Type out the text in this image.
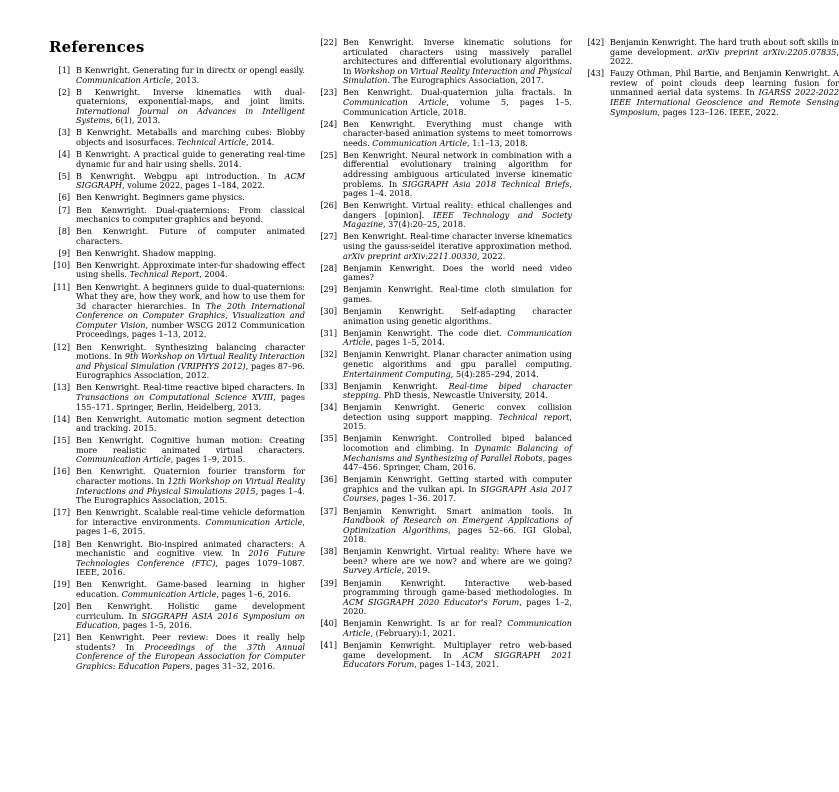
References
[1] B Kenwright. Generating fur in directx or opengl easily. Communication Article, 2013.
[2] B Kenwright. Inverse kinematics with dual-quaternions, exponential-maps, and joint limits. International Journal on Advances in Intelligent Systems, 6(1), 2013.
[3] B Kenwright. Metaballs and marching cubes: Blobby objects and isosurfaces. Technical Article, 2014.
[4] B Kenwright. A practical guide to generating real-time dynamic fur and hair using shells. 2014.
[5] B Kenwright. Webgpu api introduction. In ACM SIGGRAPH, volume 2022, pages 1–184, 2022.
[6] Ben Kenwright. Beginners game physics.
[7] Ben Kenwright. Dual-quaternions: From classical mechanics to computer graphics and beyond.
[8] Ben Kenwright. Future of computer animated characters.
[9] Ben Kenwright. Shadow mapping.
[10] Ben Kenwright. Approximate inter-fur shadowing effect using shells. Technical Report, 2004.
[11] Ben Kenwright. A beginners guide to dual-quaternions: What they are, how they work, and how to use them for 3d character hierarchies. In The 20th International Conference on Computer Graphics, Visualization and Computer Vision, number WSCG 2012 Communication Proceedings, pages 1–13, 2012.
[12] Ben Kenwright. Synthesizing balancing character motions. In 9th Workshop on Virtual Reality Interaction and Physical Simulation (VRIPHYS 2012), pages 87–96. Eurographics Association, 2012.
[13] Ben Kenwright. Real-time reactive biped characters. In Transactions on Computational Science XVIII, pages 155–171. Springer, Berlin, Heidelberg, 2013.
[14] Ben Kenwright. Automatic motion segment detection and tracking. 2015.
[15] Ben Kenwright. Cognitive human motion: Creating more realistic animated virtual characters. Communication Article, pages 1–9, 2015.
[16] Ben Kenwright. Quaternion fourier transform for character motions. In 12th Workshop on Virtual Reality Interactions and Physical Simulations 2015, pages 1–4. The Eurographics Association, 2015.
[17] Ben Kenwright. Scalable real-time vehicle deformation for interactive environments. Communication Article, pages 1–6, 2015.
[18] Ben Kenwright. Bio-inspired animated characters: A mechanistic and cognitive view. In 2016 Future Technologies Conference (FTC), pages 1079–1087. IEEE, 2016.
[19] Ben Kenwright. Game-based learning in higher education. Communication Article, pages 1–6, 2016.
[20] Ben Kenwright. Holistic game development curriculum. In SIGGRAPH ASIA 2016 Symposium on Education, pages 1–5, 2016.
[21] Ben Kenwright. Peer review: Does it really help students? In Proceedings of the 37th Annual Conference of the European Association for Computer Graphics: Education Papers, pages 31–32, 2016.
[22] Ben Kenwright. Inverse kinematic solutions for articulated characters using massively parallel architectures and differential evolutionary algorithms. In Workshop on Virtual Reality Interaction and Physical Simulation. The Eurographics Association, 2017.
[23] Ben Kenwright. Dual-quaternion julia fractals. In Communication Article, volume 5, pages 1–5. Communication Article, 2018.
[24] Ben Kenwright. Everything must change with character-based animation systems to meet tomorrows needs. Communication Article, 1:1–13, 2018.
[25] Ben Kenwright. Neural network in combination with a differential evolutionary training algorithm for addressing ambiguous articulated inverse kinematic problems. In SIGGRAPH Asia 2018 Technical Briefs, pages 1–4. 2018.
[26] Ben Kenwright. Virtual reality: ethical challenges and dangers [opinion]. IEEE Technology and Society Magazine, 37(4):20–25, 2018.
[27] Ben Kenwright. Real-time character inverse kinematics using the gauss-seidel iterative approximation method. arXiv preprint arXiv:2211.00330, 2022.
[28] Benjamin Kenwright. Does the world need video games?
[29] Benjamin Kenwright. Real-time cloth simulation for games.
[30] Benjamin Kenwright. Self-adapting character animation using genetic algorithms.
[31] Benjamin Kenwright. The code diet. Communication Article, pages 1–5, 2014.
[32] Benjamin Kenwright. Planar character animation using genetic algorithms and gpu parallel computing. Entertainment Computing, 5(4):285–294, 2014.
[33] Benjamin Kenwright. Real-time biped character stepping. PhD thesis, Newcastle University, 2014.
[34] Benjamin Kenwright. Generic convex collision detection using support mapping. Technical report, 2015.
[35] Benjamin Kenwright. Controlled biped balanced locomotion and climbing. In Dynamic Balancing of Mechanisms and Synthesizing of Parallel Robots, pages 447–456. Springer, Cham, 2016.
[36] Benjamin Kenwright. Getting started with computer graphics and the vulkan api. In SIGGRAPH Asia 2017 Courses, pages 1–36. 2017.
[37] Benjamin Kenwright. Smart animation tools. In Handbook of Research on Emergent Applications of Optimization Algorithms, pages 52–66. IGI Global, 2018.
[38] Benjamin Kenwright. Virtual reality: Where have we been? where are we now? and where are we going? Survey Article, 2019.
[39] Benjamin Kenwright. Interactive web-based programming through game-based methodologies. In ACM SIGGRAPH 2020 Educator's Forum, pages 1–2, 2020.
[40] Benjamin Kenwright. Is ar for real? Communication Article, (February):1, 2021.
[41] Benjamin Kenwright. Multiplayer retro web-based game development. In ACM SIGGRAPH 2021 Educators Forum, pages 1–143, 2021.
[42] Benjamin Kenwright. The hard truth about soft skills in game development. arXiv preprint arXiv:2205.07835, 2022.
[43] Fauzy Othman, Phil Bartie, and Benjamin Kenwright. A review of point clouds deep learning fusion for unmanned aerial data systems. In IGARSS 2022-2022 IEEE International Geoscience and Remote Sensing Symposium, pages 123–126. IEEE, 2022.
